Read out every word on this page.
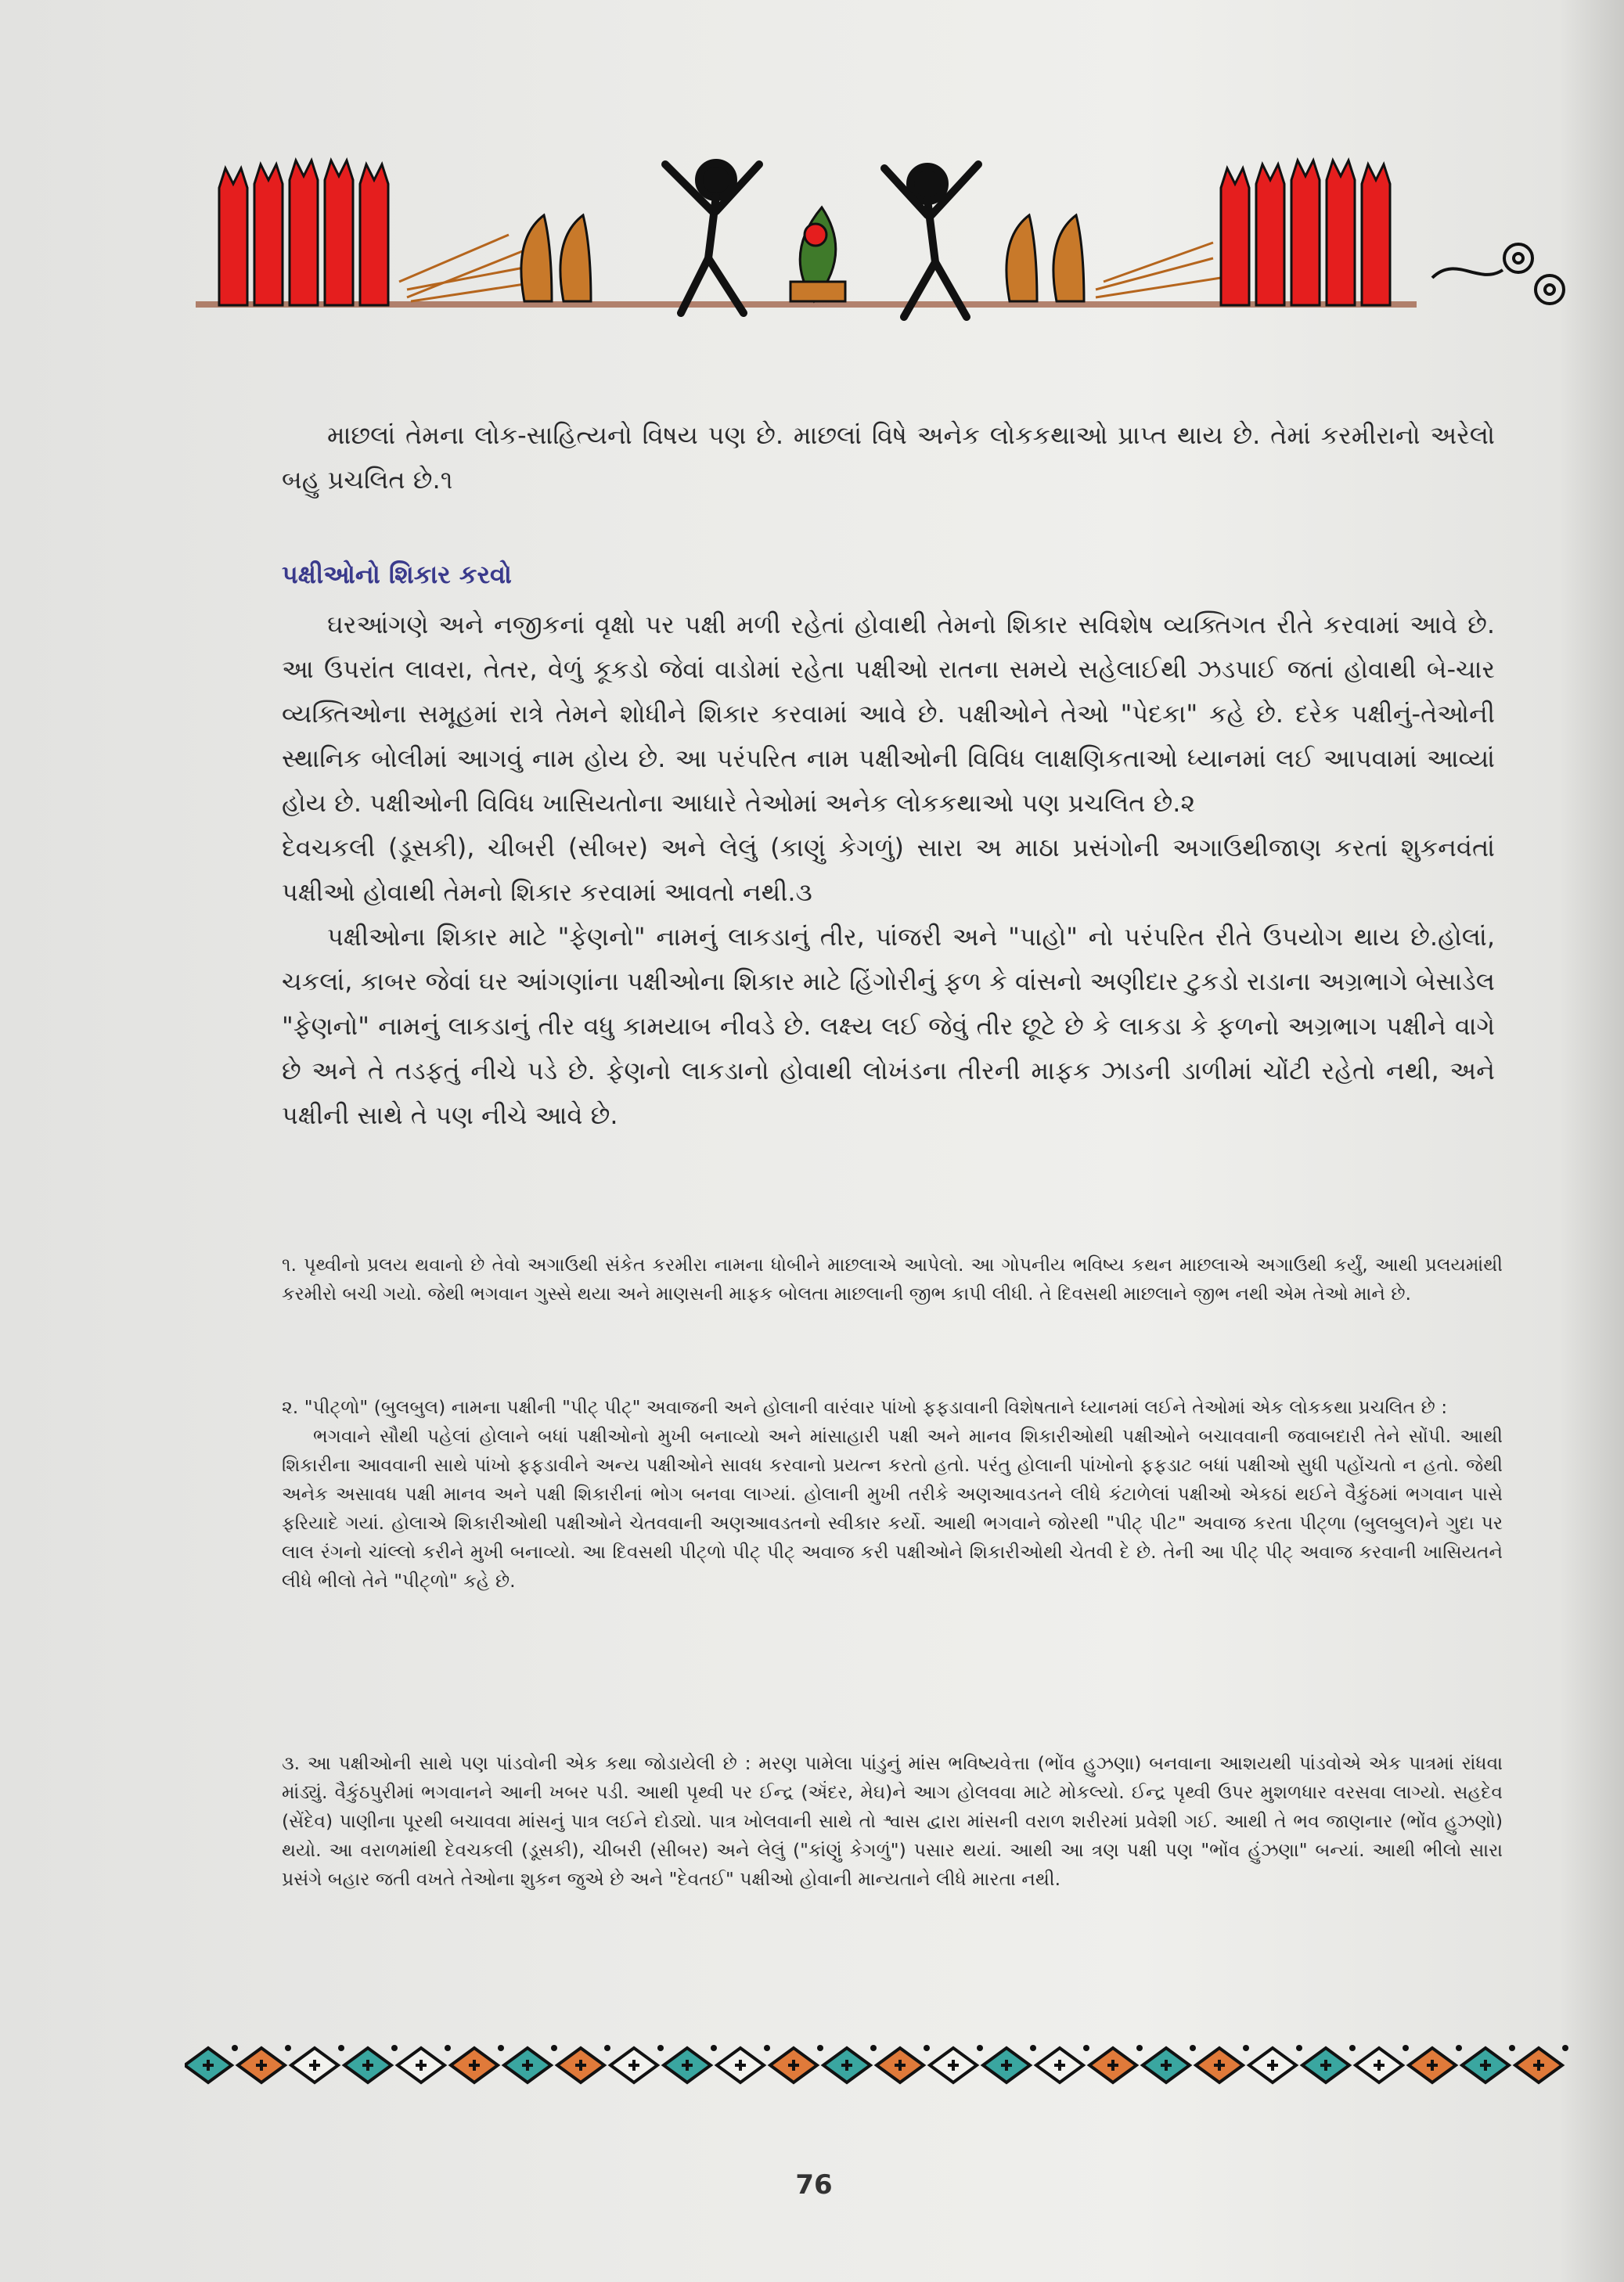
માછલાં તેમના લોક-સાહિત્યનો વિષય પણ છે. માછલાં વિષે અનેક લોકકથાઓ પ્રાપ્ત થાય છે. તેમાં કરમીરાનો અરેલો બહુ પ્રચલિત છે.૧

પક્ષીઓનો શિકાર કરવો

ઘરઆંગણે અને નજીકનાં વૃક્ષો પર પક્ષી મળી રહેતાં હોવાથી તેમનો શિકાર સવિશેષ વ્યક્તિગત રીતે કરવામાં આવે છે. આ ઉપરાંત લાવરા, તેતર, વેળું કૂકડો જેવાં વાડોમાં રહેતા પક્ષીઓ રાતના સમયે સહેલાઈથી ઝડપાઈ જતાં હોવાથી બે-ચાર વ્યક્તિઓના સમૂહમાં રાત્રે તેમને શોધીને શિકાર કરવામાં આવે છે. પક્ષીઓને તેઓ "પેદકા" કહે છે. દરેક પક્ષીનું-તેઓની સ્થાનિક બોલીમાં આગવું નામ હોય છે. આ પરંપરિત નામ પક્ષીઓની વિવિધ લાક્ષણિકતાઓ ધ્યાનમાં લઈ આપવામાં આવ્યાં હોય છે. પક્ષીઓની વિવિધ ખાસિયતોના આધારે તેઓમાં અનેક લોકકથાઓ પણ પ્રચલિત છે.૨

દેવચકલી (ડૂસકી), ચીબરી (સીબર) અને લેલું (કાણું કેગળું) સારા અ માઠા પ્રસંગોની અગાઉથીજાણ કરતાં શુકનવંતાં પક્ષીઓ હોવાથી તેમનો શિકાર કરવામાં આવતો નથી.૩

પક્ષીઓના શિકાર માટે "ફેણનો" નામનું લાકડાનું તીર, પાંજરી અને "પાહો" નો પરંપરિત રીતે ઉપયોગ થાય છે.હોલાં, ચકલાં, કાબર જેવાં ઘર આંગણાંના પક્ષીઓના શિકાર માટે હિંગોરીનું ફળ કે વાંસનો અણીદાર ટુકડો રાડાના અગ્રભાગે બેસાડેલ "ફેણનો" નામનું લાકડાનું તીર વધુ કામયાબ નીવડે છે. લક્ષ્ય લઈ જેવું તીર છૂટે છે કે લાકડા કે ફળનો અગ્રભાગ પક્ષીને વાગે છે અને તે તડફતું નીચે પડે છે. ફેણનો લાકડાનો હોવાથી લોખંડના તીરની માફક ઝાડની ડાળીમાં ચોંટી રહેતો નથી, અને પક્ષીની સાથે તે પણ નીચે આવે છે.

૧. પૃથ્વીનો પ્રલય થવાનો છે તેવો અગાઉથી સંકેત કરમીરા નામના ધોબીને માછલાએ આપેલો. આ ગોપનીય ભવિષ્ય કથન માછલાએ અગાઉથી કર્યું, આથી પ્રલયમાંથી કરમીરો બચી ગયો. જેથી ભગવાન ગુસ્સે થયા અને માણસની માફક બોલતા માછલાની જીભ કાપી લીધી. તે દિવસથી માછલાને જીભ નથી એમ તેઓ માને છે.

૨. "પીટ્ળો" (બુલબુલ) નામના પક્ષીની "પીટ્ પીટ્" અવાજની અને હોલાની વારંવાર પાંખો ફફડાવાની વિશેષતાને ધ્યાનમાં લઈને તેઓમાં એક લોકકથા પ્રચલિત છે :

ભગવાને સૌથી પહેલાં હોલાને બધાં પક્ષીઓનો મુખી બનાવ્યો અને માંસાહારી પક્ષી અને માનવ શિકારીઓથી પક્ષીઓને બચાવવાની જવાબદારી તેને સોંપી. આથી શિકારીના આવવાની સાથે પાંખો ફફડાવીને અન્ય પક્ષીઓને સાવધ કરવાનો પ્રયત્ન કરતો હતો. પરંતુ હોલાની પાંખોનો ફફડાટ બધાં પક્ષીઓ સુધી પહોંચતો ન હતો. જેથી અનેક અસાવધ પક્ષી માનવ અને પક્ષી શિકારીનાં ભોગ બનવા લાગ્યાં. હોલાની મુખી તરીકે અણઆવડતને લીધે કંટાળેલાં પક્ષીઓ એકઠાં થઈને વૈકુંઠમાં ભગવાન પાસે ફરિયાદે ગયાં. હોલાએ શિકારીઓથી પક્ષીઓને ચેતવવાની અણઆવડતનો સ્વીકાર કર્યો. આથી ભગવાને જોરથી "પીટ્ પીટ" અવાજ કરતા પીટ્ળા (બુલબુલ)ને ગુદા પર લાલ રંગનો ચાંલ્લો કરીને મુખી બનાવ્યો. આ દિવસથી પીટ્ળો પીટ્ પીટ્ અવાજ કરી પક્ષીઓને શિકારીઓથી ચેતવી દે છે. તેની આ પીટ્ પીટ્ અવાજ કરવાની ખાસિયતને લીધે ભીલો તેને "પીટ્ળો" કહે છે.

૩. આ પક્ષીઓની સાથે પણ પાંડવોની એક કથા જોડાયેલી છે : મરણ પામેલા પાંડુનું માંસ ભવિષ્યવેત્તા (ભોંવ હુઝણા) બનવાના આશયથી પાંડવોએ એક પાત્રમાં રાંધવા માંડ્યું. વૈકુંઠપુરીમાં ભગવાનને આની ખબર પડી. આથી પૃથ્વી પર ઈન્દ્ર (ઍંદર, મેઘ)ને આગ હોલવવા માટે મોકલ્યો. ઈન્દ્ર પૃથ્વી ઉપર મુશળધાર વરસવા લાગ્યો. સહદેવ (સેંદેવ) પાણીના પૂરથી બચાવવા માંસનું પાત્ર લઈને દોડ્યો. પાત્ર ખોલવાની સાથે તો શ્વાસ દ્વારા માંસની વરાળ શરીરમાં પ્રવેશી ગઈ. આથી તે ભવ જાણનાર (ભોંવ હુઝણો) થયો. આ વરાળમાંથી દેવચકલી (ડૂસકી), ચીબરી (સીબર) અને લેલું ("કાંણું કેગળું") પસાર થયાં. આથી આ ત્રણ પક્ષી પણ "ભોંવ હુંઝણા" બન્યાં. આથી ભીલો સારા પ્રસંગે બહાર જતી વખતે તેઓના શુકન જુએ છે અને "દેવતઈ" પક્ષીઓ હોવાની માન્યતાને લીધે મારતા નથી.

76
